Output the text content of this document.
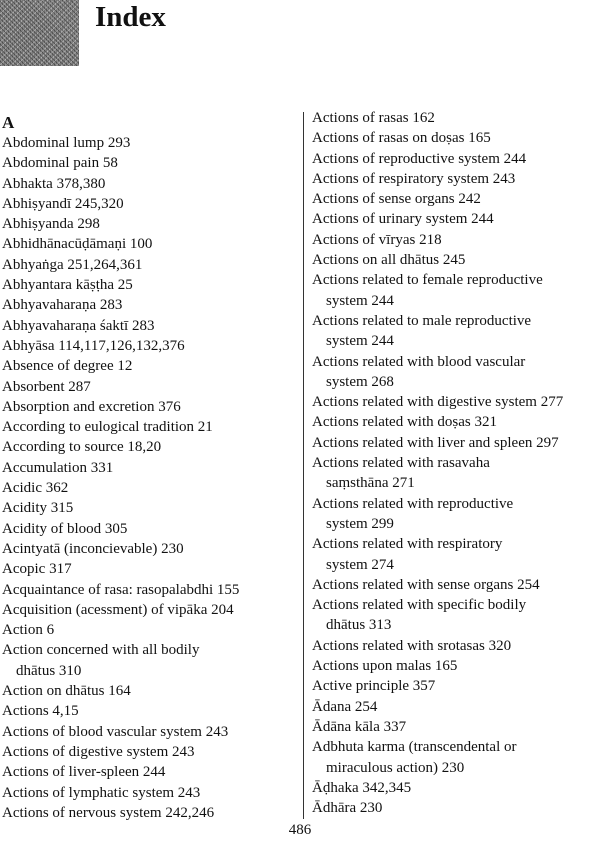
Index
A
Abdominal lump 293
Abdominal pain 58
Abhakta 378,380
Abhiṣyandī 245,320
Abhiṣyanda 298
Abhidhānacūḍāmaṇi 100
Abhyaṅga 251,264,361
Abhyantara kāṣṭha 25
Abhyavaharaṇa 283
Abhyavaharaṇa śaktī 283
Abhyāsa 114,117,126,132,376
Absence of degree 12
Absorbent 287
Absorption and excretion 376
According to eulogical tradition 21
According to source 18,20
Accumulation 331
Acidic 362
Acidity 315
Acidity of blood 305
Acintyatā (inconcievable) 230
Acopic 317
Acquaintance of rasa: rasopalabdhi 155
Acquisition (acessment) of vipāka 204
Action 6
Action concerned with all bodily
dhātus 310
Action on dhātus 164
Actions 4,15
Actions of blood vascular system 243
Actions of digestive system 243
Actions of liver-spleen 244
Actions of lymphatic system 243
Actions of nervous system 242,246
Actions of rasas 162
Actions of rasas on doṣas 165
Actions of reproductive system 244
Actions of respiratory system 243
Actions of sense organs 242
Actions of urinary system 244
Actions of vīryas 218
Actions on all dhātus 245
Actions related to female reproductive
system 244
Actions related to male reproductive
system 244
Actions related with blood vascular
system 268
Actions related with digestive system 277
Actions related with doṣas 321
Actions related with liver and spleen 297
Actions related with rasavaha
saṃsthāna 271
Actions related with reproductive
system 299
Actions related with respiratory
system 274
Actions related with sense organs 254
Actions related with specific bodily
dhātus 313
Actions related with srotasas 320
Actions upon malas 165
Active principle 357
Ādana 254
Ādāna kāla 337
Adbhuta karma (transcendental or
miraculous action) 230
Āḍhaka 342,345
Ādhāra 230
486
